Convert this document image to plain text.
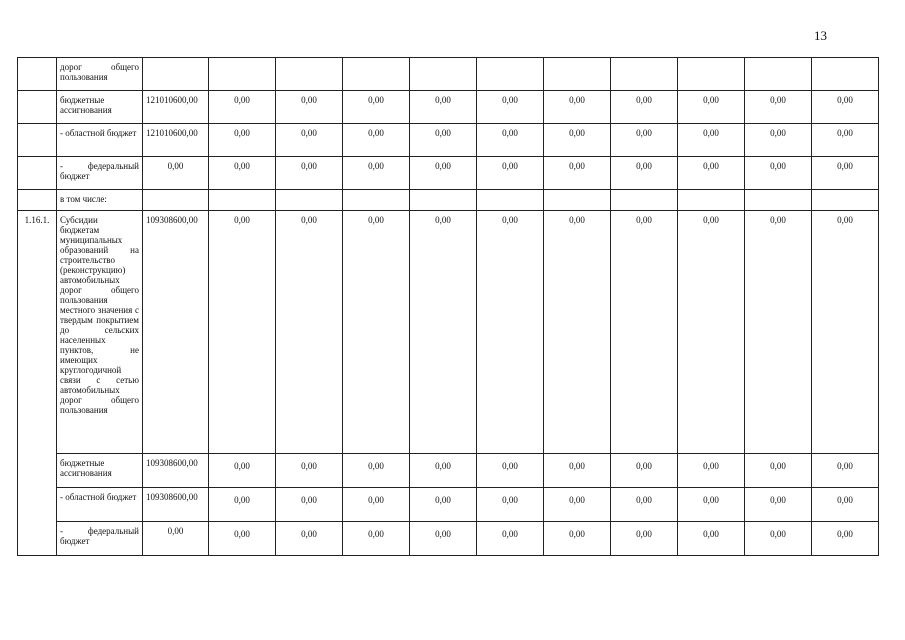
13
	дорог общего пользования											
	бюджетные ассигнования	121010600,00	0,00	0,00	0,00	0,00	0,00	0,00	0,00	0,00	0,00	0,00
	- областной бюджет	121010600,00	0,00	0,00	0,00	0,00	0,00	0,00	0,00	0,00	0,00	0,00
	- федеральный бюджет	0,00	0,00	0,00	0,00	0,00	0,00	0,00	0,00	0,00	0,00	0,00
	в том числе:											
1.16.1.	Субсидии бюджетам муниципальных образований на строительство (реконструкцию) автомобильных дорог общего пользования местного значения с твердым покрытием до сельских населенных пунктов, не имеющих круглогодичной связи с сетью автомобильных дорог общего пользования	109308600,00	0,00	0,00	0,00	0,00	0,00	0,00	0,00	0,00	0,00	0,00
	бюджетные ассигнования	109308600,00	0,00	0,00	0,00	0,00	0,00	0,00	0,00	0,00	0,00	0,00
	- областной бюджет	109308600,00	0,00	0,00	0,00	0,00	0,00	0,00	0,00	0,00	0,00	0,00
	- федеральный бюджет	0,00	0,00	0,00	0,00	0,00	0,00	0,00	0,00	0,00	0,00	0,00
